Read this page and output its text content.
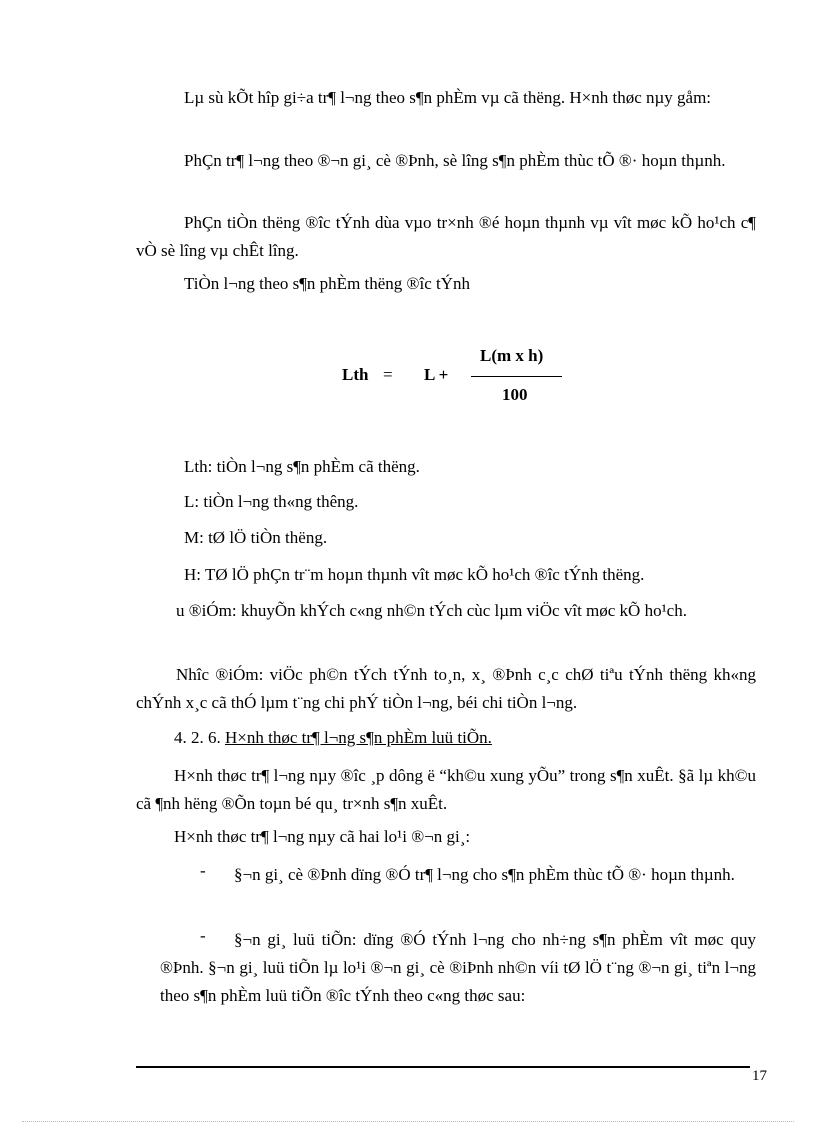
Lµ sù kÕt hîp gi÷a tr¶ l¬ng theo s¶n phÈm vµ cã thëng. H×nh thøc nµy gåm:
PhÇn tr¶ l¬ng theo ®¬n gi¸ cè ®Þnh, sè lîng s¶n phÈm thùc tÕ ®· hoµn thµnh.
PhÇn tiÒn thëng ®îc tÝnh dùa vµo tr×nh ®é hoµn thµnh vµ vît møc kÕ ho¹ch c¶ vÒ sè lîng vµ chÊt lîng.
TiÒn l¬ng theo s¶n phÈm thëng ®îc tÝnh
Lth = L +
L(m x h)
100
Lth: tiÒn l¬ng s¶n phÈm cã thëng.
L: tiÒn l¬ng th«ng thêng.
M: tØ lÖ tiÒn thëng.
H: TØ lÖ phÇn tr¨m hoµn thµnh vît møc kÕ ho¹ch ®îc tÝnh thëng.
u ®iÓm: khuyÕn khÝch c«ng nh©n tÝch cùc lµm viÖc vît møc kÕ ho¹ch.
Nhîc ®iÓm: viÖc ph©n tÝch tÝnh to¸n, x¸ ®Þnh c¸c chØ tiªu tÝnh thëng kh«ng chÝnh x¸c cã thÓ lµm t¨ng chi phÝ tiÒn l¬ng, béi chi tiÒn l¬ng.
4. 2. 6. H×nh thøc tr¶ l¬ng s¶n phÈm luü tiÕn.
H×nh thøc tr¶ l¬ng nµy ®îc ¸p dông ë “kh©u xung yÕu” trong s¶n xuÊt. §ã lµ kh©u cã ¶nh hëng ®Õn toµn bé qu¸ tr×nh s¶n xuÊt.
H×nh thøc tr¶ l¬ng nµy cã hai lo¹i ®¬n gi¸:
-	§¬n gi¸ cè ®Þnh dïng ®Ó tr¶ l¬ng cho s¶n phÈm thùc tÕ ®· hoµn thµnh.
-	§¬n gi¸ luü tiÕn: dïng ®Ó tÝnh l¬ng cho nh÷ng s¶n phÈm vît møc quy ®Þnh. §¬n gi¸ luü tiÕn lµ lo¹i ®¬n gi¸ cè ®iÞnh nh©n víi tØ lÖ t¨ng ®¬n gi¸ tiªn l¬ng theo s¶n phÈm luü tiÕn ®îc tÝnh theo c«ng thøc sau:
17
